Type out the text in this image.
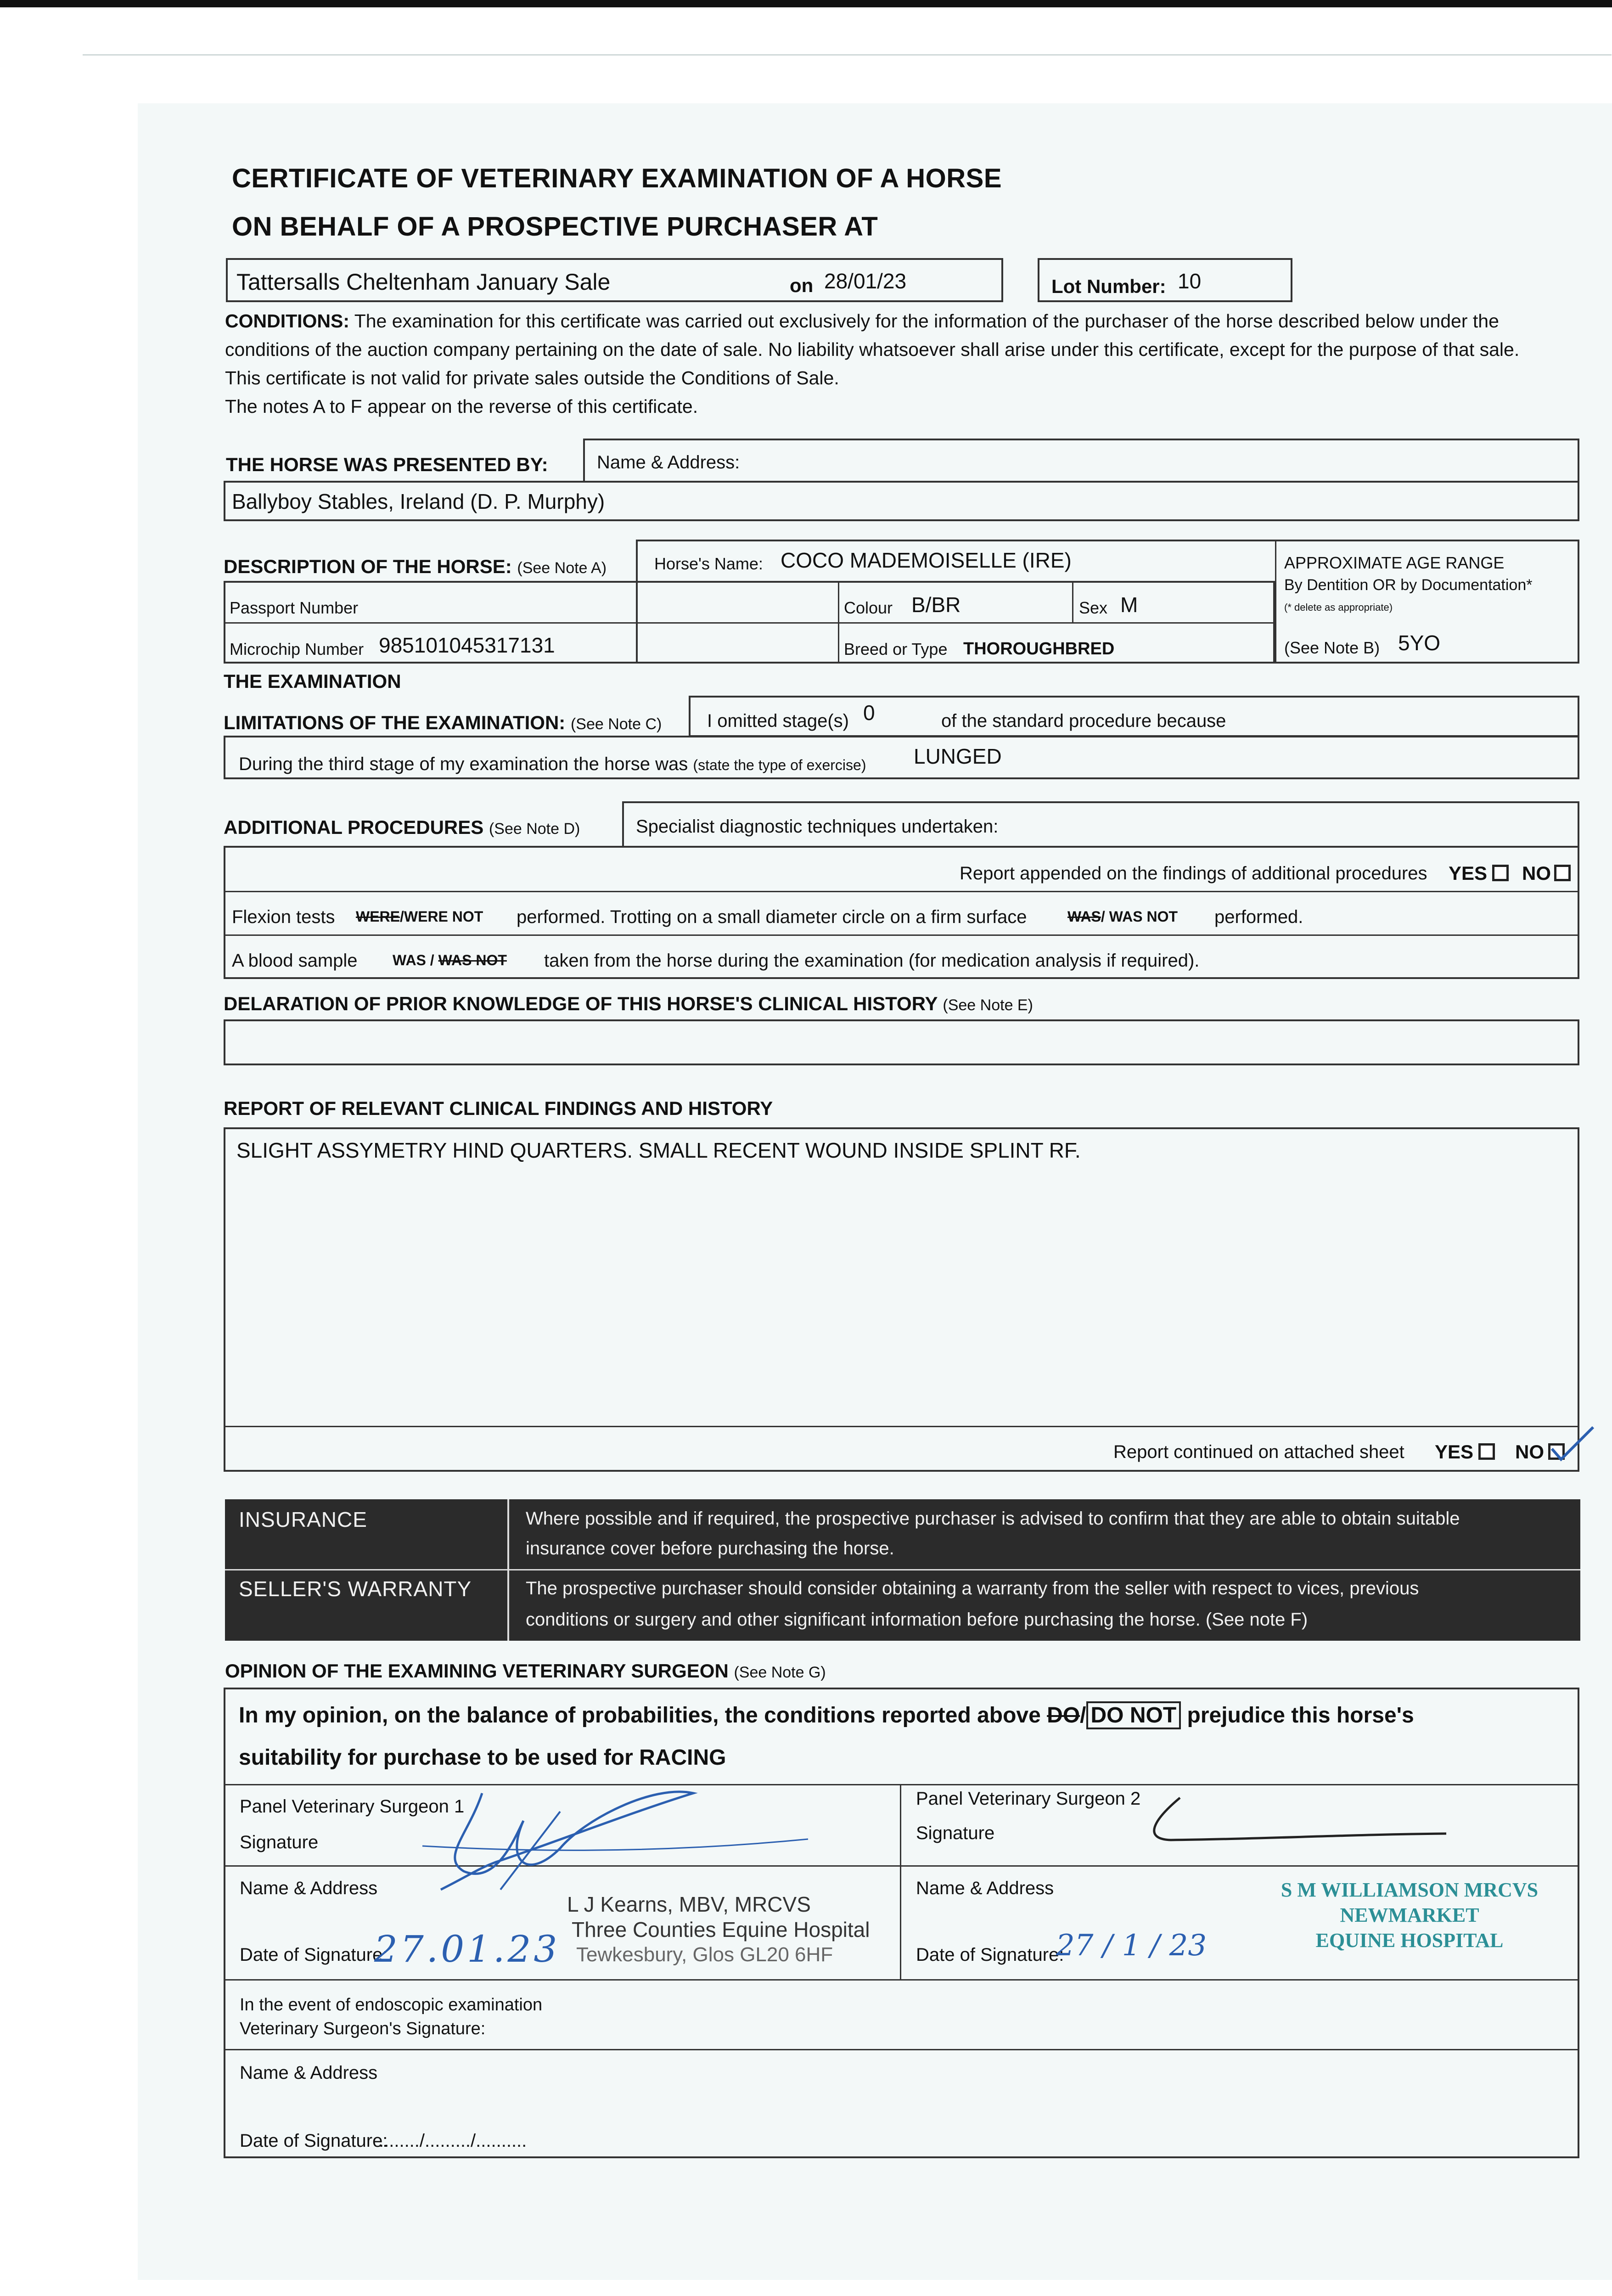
CERTIFICATE OF VETERINARY EXAMINATION OF A HORSE
ON BEHALF OF A PROSPECTIVE PURCHASER AT
Tattersalls Cheltenham January Sale	on 28/01/23	Lot Number: 10
CONDITIONS: The examination for this certificate was carried out exclusively for the information of the purchaser of the horse described below under the conditions of the auction company pertaining on the date of sale. No liability whatsoever shall arise under this certificate, except for the purpose of that sale. This certificate is not valid for private sales outside the Conditions of Sale.
The notes A to F appear on the reverse of this certificate.
THE HORSE WAS PRESENTED BY:	Name & Address:
Ballyboy Stables, Ireland (D. P. Murphy)
DESCRIPTION OF THE HORSE: (See Note A)	Horse's Name: COCO MADEMOISELLE (IRE)
Passport Number	Colour B/BR	Sex M
Microchip Number 985101045317131	Breed or Type THOROUGHBRED
APPROXIMATE AGE RANGE
By Dentition OR by Documentation*
(* delete as appropriate)
(See Note B) 5YO
THE EXAMINATION
LIMITATIONS OF THE EXAMINATION: (See Note C) I omitted stage(s) 0	of the standard procedure because
During the third stage of my examination the horse was (state the type of exercise) LUNGED
ADDITIONAL PROCEDURES (See Note D)	Specialist diagnostic techniques undertaken:
Report appended on the findings of additional procedures YES NO
Flexion tests WERE/WERE NOT performed. Trotting on a small diameter circle on a firm surface	WAS/ WAS NOT performed.
A blood sample WAS / WAS NOT taken from the horse during the examination (for medication analysis if required).
DELARATION OF PRIOR KNOWLEDGE OF THIS HORSE'S CLINICAL HISTORY (See Note E)
REPORT OF RELEVANT CLINICAL FINDINGS AND HISTORY
SLIGHT ASSYMETRY HIND QUARTERS. SMALL RECENT WOUND INSIDE SPLINT RF.
Report continued on attached sheet YES NO
INSURANCE	Where possible and if required, the prospective purchaser is advised to confirm that they are able to obtain suitable
insurance cover before purchasing the horse.
SELLER'S WARRANTY	The prospective purchaser should consider obtaining a warranty from the seller with respect to vices, previous
conditions or surgery and other significant information before purchasing the horse. (See note F)
OPINION OF THE EXAMINING VETERINARY SURGEON (See Note G)
In my opinion, on the balance of probabilities, the conditions reported above DO/ DO NOT prejudice this horse's
suitability for purchase to be used for RACING
Panel Veterinary Surgeon 1
Signature
Name & Address
L J Kearns, MBV, MRCVS
Three Counties Equine Hospital
Tewkesbury, Glos GL20 6HF
Date of Signature:
27.01.23
Panel Veterinary Surgeon 2
Signature
Name & Address	S M WILLIAMSON MRCVS
NEWMARKET
EQUINE HOSPITAL
Date of Signature:
27 / 1 / 23
In the event of endoscopic examination
Veterinary Surgeon's Signature:
Name & Address
Date of Signature:
......../........./..........
